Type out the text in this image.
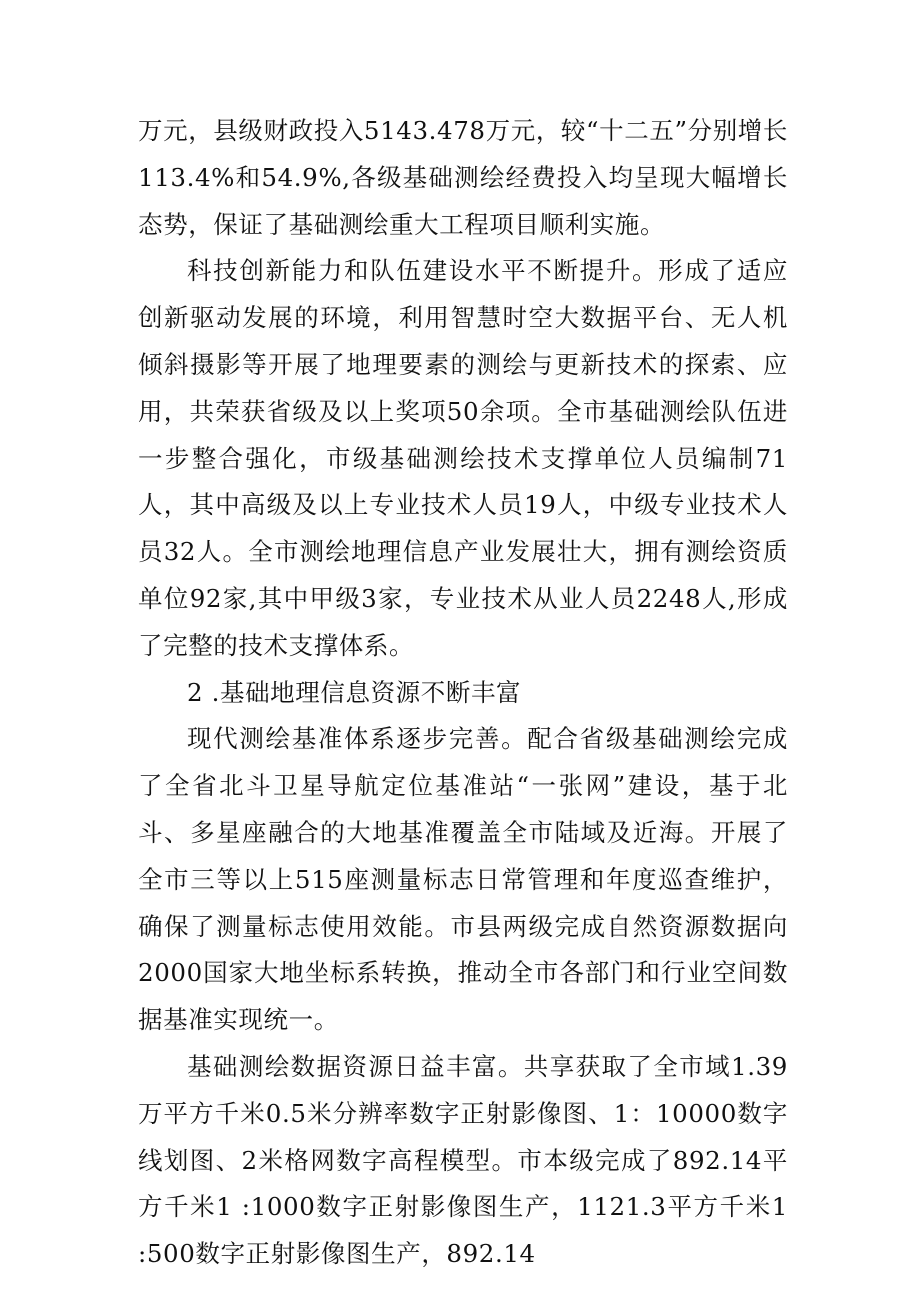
万元，县级财政投入5143.478万元，较“十二五”分别增长113.4%和54.9%,各级基础测绘经费投入均呈现大幅增长态势，保证了基础测绘重大工程项目顺利实施。

科技创新能力和队伍建设水平不断提升。形成了适应创新驱动发展的环境，利用智慧时空大数据平台、无人机倾斜摄影等开展了地理要素的测绘与更新技术的探索、应用，共荣获省级及以上奖项50余项。全市基础测绘队伍进一步整合强化，市级基础测绘技术支撑单位人员编制71人，其中高级及以上专业技术人员19人，中级专业技术人员32人。全市测绘地理信息产业发展壮大，拥有测绘资质单位92家,其中甲级3家，专业技术从业人员2248人,形成了完整的技术支撑体系。

2 .基础地理信息资源不断丰富

现代测绘基准体系逐步完善。配合省级基础测绘完成了全省北斗卫星导航定位基准站“一张网”建设，基于北斗、多星座融合的大地基准覆盖全市陆域及近海。开展了全市三等以上515座测量标志日常管理和年度巡查维护，确保了测量标志使用效能。市县两级完成自然资源数据向2000国家大地坐标系转换，推动全市各部门和行业空间数据基准实现统一。

基础测绘数据资源日益丰富。共享获取了全市域1.39万平方千米0.5米分辨率数字正射影像图、1：10000数字线划图、2米格网数字高程模型。市本级完成了892.14平方千米1 :1000数字正射影像图生产，1121.3平方千米1 :500数字正射影像图生产，892.14
